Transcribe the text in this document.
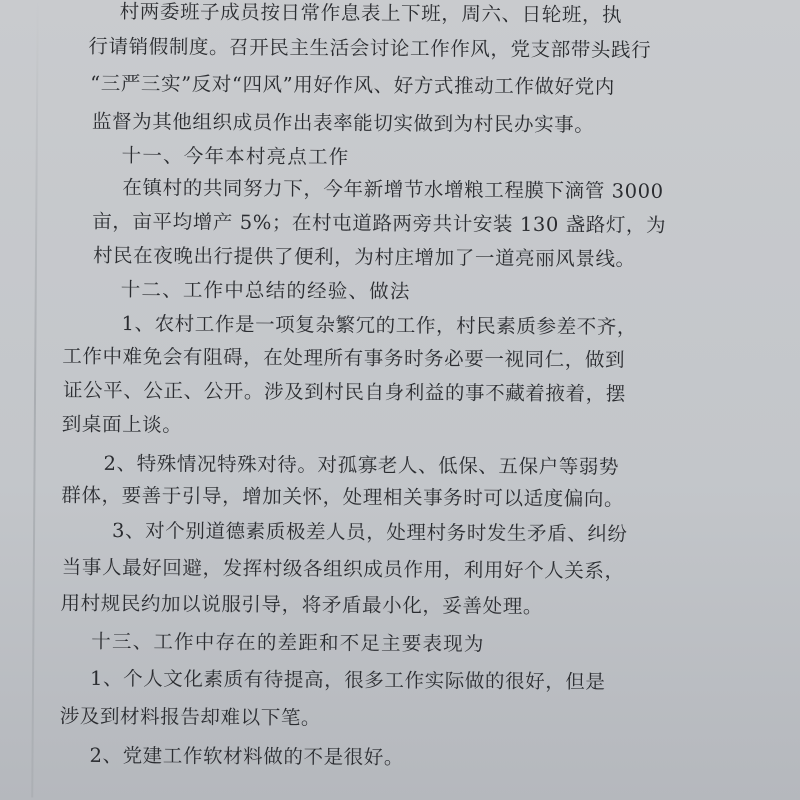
村两委班子成员按日常作息表上下班，周六、日轮班，执
行请销假制度。召开民主生活会讨论工作作风，党支部带头践行
“三严三实”反对“四风”用好作风、好方式推动工作做好党内
监督为其他组织成员作出表率能切实做到为村民办实事。
十一、今年本村亮点工作
在镇村的共同努力下，今年新增节水增粮工程膜下滴管 3000
亩，亩平均增产 5%；在村屯道路两旁共计安装 130 盏路灯，为
村民在夜晚出行提供了便利，为村庄增加了一道亮丽风景线。
十二、工作中总结的经验、做法
1、农村工作是一项复杂繁冗的工作，村民素质参差不齐，
工作中难免会有阻碍，在处理所有事务时务必要一视同仁，做到
证公平、公正、公开。涉及到村民自身利益的事不藏着掖着，摆
到桌面上谈。
2、特殊情况特殊对待。对孤寡老人、低保、五保户等弱势
群体，要善于引导，增加关怀，处理相关事务时可以适度偏向。
3、对个别道德素质极差人员，处理村务时发生矛盾、纠纷
当事人最好回避，发挥村级各组织成员作用，利用好个人关系，
用村规民约加以说服引导，将矛盾最小化，妥善处理。
十三、工作中存在的差距和不足主要表现为
1、个人文化素质有待提高，很多工作实际做的很好，但是
涉及到材料报告却难以下笔。
2、党建工作软材料做的不是很好。
